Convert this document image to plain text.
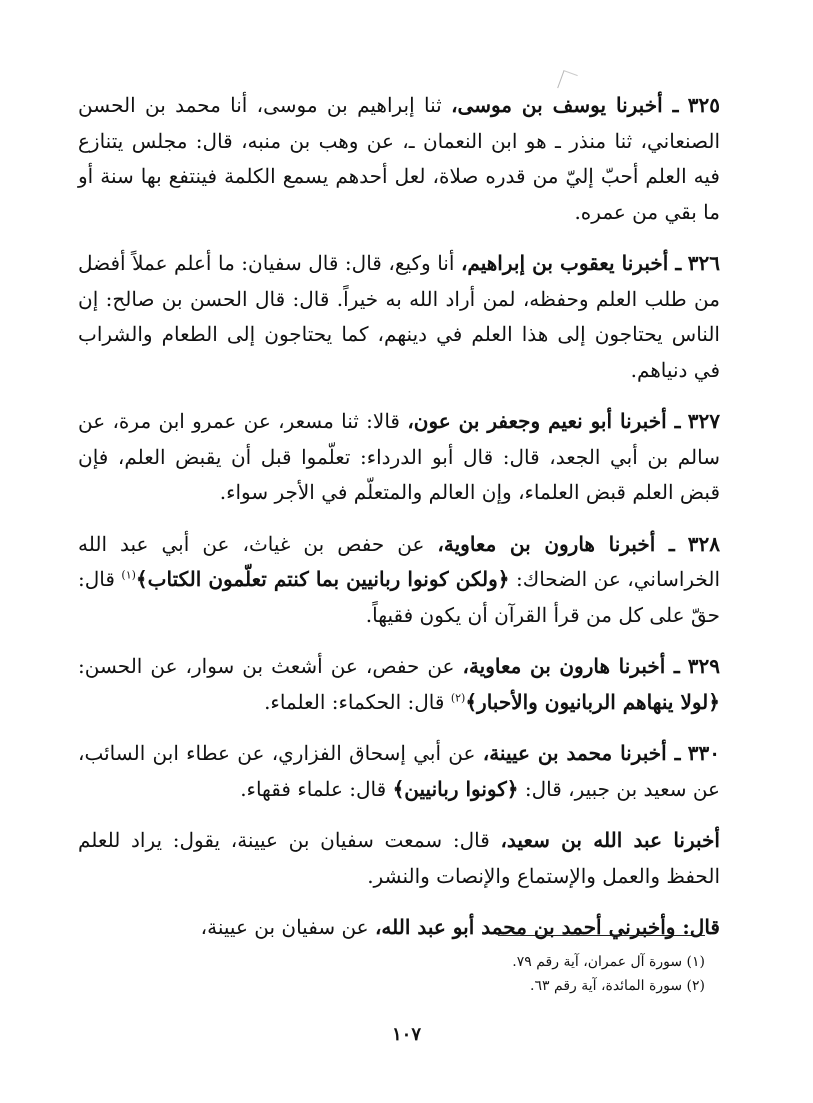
٣٢٥ ـ أخبرنا يوسف بن موسى، ثنا إبراهيم بن موسى، أنا محمد بن الحسن الصنعاني، ثنا منذر ـ هو ابن النعمان ـ، عن وهب بن منبه، قال: مجلس يتنازع فيه العلم أحبّ إليّ من قدره صلاة، لعل أحدهم يسمع الكلمة فينتفع بها سنة أو ما بقي من عمره.

٣٢٦ ـ أخبرنا يعقوب بن إبراهيم، أنا وكيع، قال: قال سفيان: ما أعلم عملاً أفضل من طلب العلم وحفظه، لمن أراد الله به خيراً. قال: قال الحسن بن صالح: إن الناس يحتاجون إلى هذا العلم في دينهم، كما يحتاجون إلى الطعام والشراب في دنياهم.

٣٢٧ ـ أخبرنا أبو نعيم وجعفر بن عون، قالا: ثنا مسعر، عن عمرو ابن مرة، عن سالم بن أبي الجعد، قال: قال أبو الدرداء: تعلّموا قبل أن يقبض العلم، فإن قبض العلم قبض العلماء، وإن العالم والمتعلّم في الأجر سواء.

٣٢٨ ـ أخبرنا هارون بن معاوية، عن حفص بن غياث، عن أبي عبد الله الخراساني، عن الضحاك: ﴿ولكن كونوا ربانيين بما كنتم تعلّمون الكتاب﴾$^{(١)}$ قال: حقّ على كل من قرأ القرآن أن يكون فقيهاً.

٣٢٩ ـ أخبرنا هارون بن معاوية، عن حفص، عن أشعث بن سوار، عن الحسن: ﴿لولا ينهاهم الربانيون والأحبار﴾$^{(٢)}$ قال: الحكماء: العلماء.

٣٣٠ ـ أخبرنا محمد بن عيينة، عن أبي إسحاق الفزاري، عن عطاء ابن السائب، عن سعيد بن جبير، قال: ﴿كونوا ربانيين﴾ قال: علماء فقهاء.

أخبرنا عبد الله بن سعيد، قال: سمعت سفيان بن عيينة، يقول: يراد للعلم الحفظ والعمل والإستماع والإنصات والنشر.

قال: وأخبرني أحمد بن محمد أبو عبد الله، عن سفيان بن عيينة،

(١) سورة آل عمران، آية رقم ٧٩.

(٢) سورة المائدة، آية رقم ٦٣.

١٠٧
